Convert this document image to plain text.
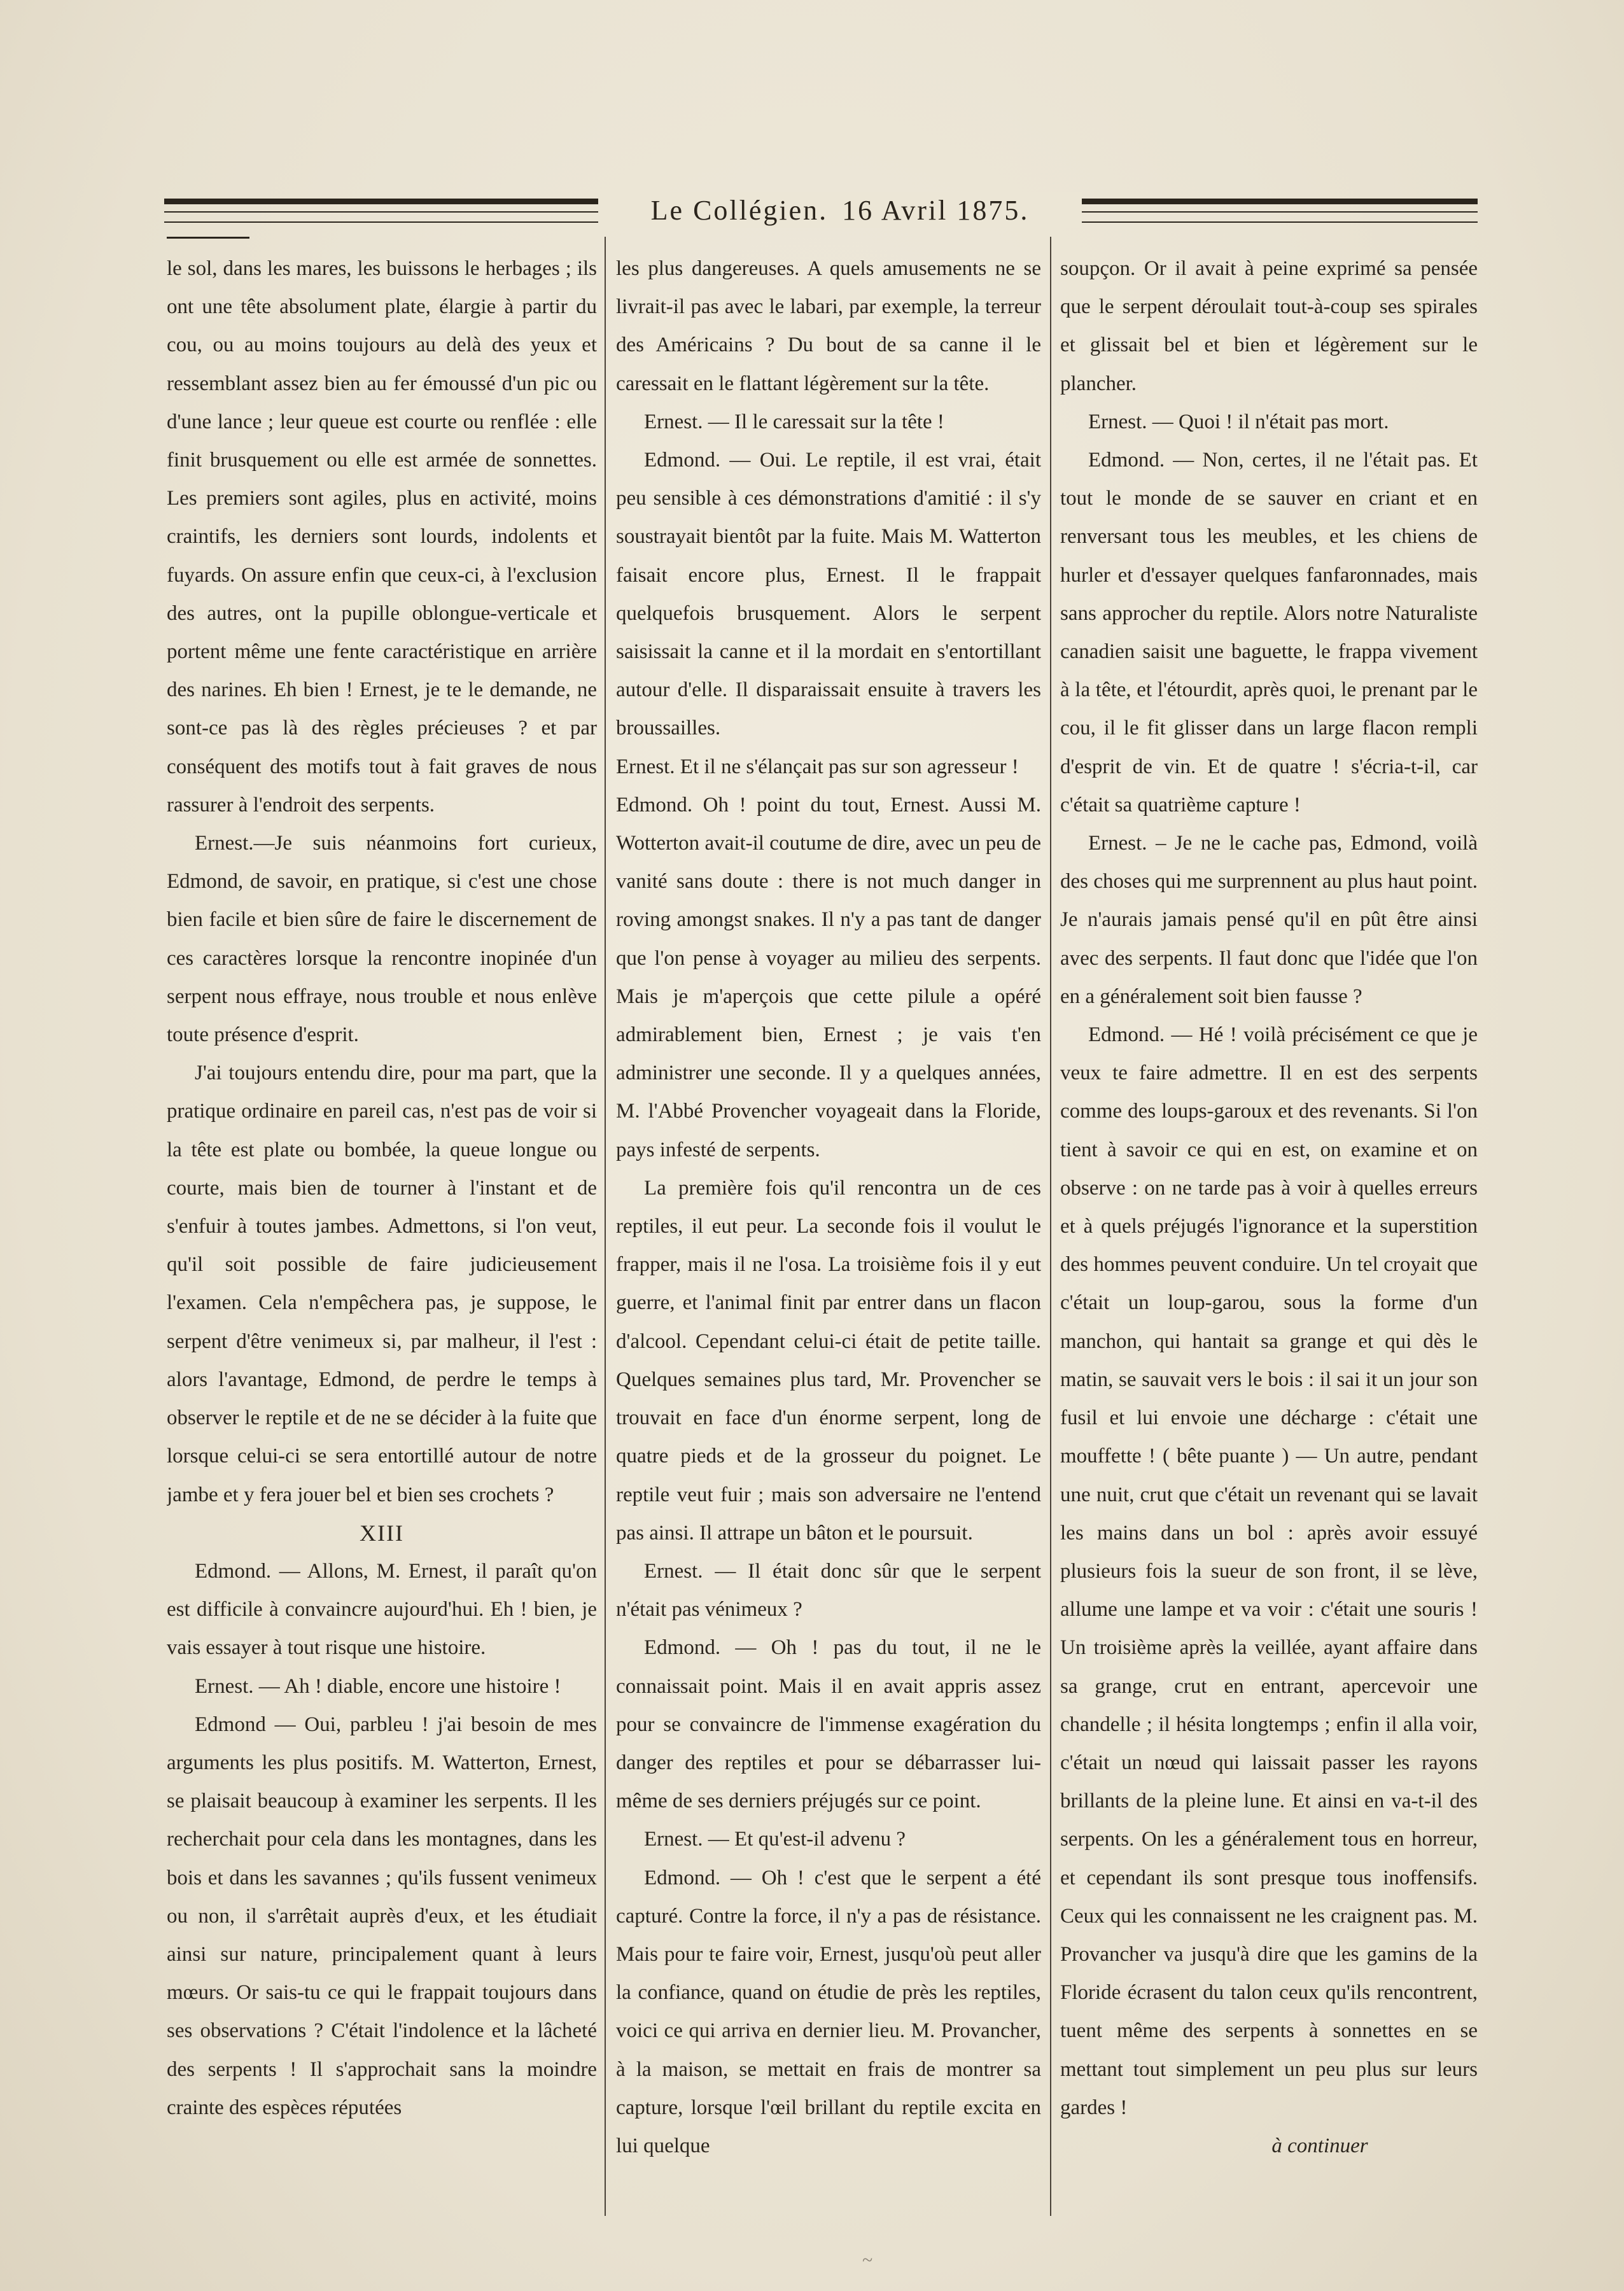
Le Collégien. 16 Avril 1875.

le sol, dans les mares, les buissons le herbages ; ils ont une tête absolument plate, élargie à partir du cou, ou au moins toujours au delà des yeux et ressemblant assez bien au fer émoussé d'un pic ou d'une lance ; leur queue est courte ou renflée : elle finit brusquement ou elle est armée de sonnettes. Les premiers sont agiles, plus en activité, moins craintifs, les derniers sont lourds, indolents et fuyards. On assure enfin que ceux-ci, à l'exclusion des autres, ont la pupille oblongue-verticale et portent même une fente caractéristique en arrière des narines. Eh bien ! Ernest, je te le demande, ne sont-ce pas là des règles précieuses ? et par conséquent des motifs tout à fait graves de nous rassurer à l'endroit des serpents.

Ernest.—Je suis néanmoins fort curieux, Edmond, de savoir, en pratique, si c'est une chose bien facile et bien sûre de faire le discernement de ces caractères lorsque la rencontre inopinée d'un serpent nous effraye, nous trouble et nous enlève toute présence d'esprit.

J'ai toujours entendu dire, pour ma part, que la pratique ordinaire en pareil cas, n'est pas de voir si la tête est plate ou bombée, la queue longue ou courte, mais bien de tourner à l'instant et de s'enfuir à toutes jambes. Admettons, si l'on veut, qu'il soit possible de faire judicieusement l'examen. Cela n'empêchera pas, je suppose, le serpent d'être venimeux si, par malheur, il l'est : alors l'avantage, Edmond, de perdre le temps à observer le reptile et de ne se décider à la fuite que lorsque celui-ci se sera entortillé autour de notre jambe et y fera jouer bel et bien ses crochets ?

XIII

Edmond. — Allons, M. Ernest, il paraît qu'on est difficile à convaincre aujourd'hui. Eh ! bien, je vais essayer à tout risque une histoire.

Ernest. — Ah ! diable, encore une histoire !

Edmond — Oui, parbleu ! j'ai besoin de mes arguments les plus positifs. M. Watterton, Ernest, se plaisait beaucoup à examiner les serpents. Il les recherchait pour cela dans les montagnes, dans les bois et dans les savannes ; qu'ils fussent venimeux ou non, il s'arrêtait auprès d'eux, et les étudiait ainsi sur nature, principalement quant à leurs mœurs. Or sais-tu ce qui le frappait toujours dans ses observations ? C'était l'indolence et la lâcheté des serpents ! Il s'approchait sans la moindre crainte des espèces réputées

les plus dangereuses. A quels amusements ne se livrait-il pas avec le labari, par exemple, la terreur des Américains ? Du bout de sa canne il le caressait en le flattant légèrement sur la tête.

Ernest. — Il le caressait sur la tête !

Edmond. — Oui. Le reptile, il est vrai, était peu sensible à ces démonstrations d'amitié : il s'y soustrayait bientôt par la fuite. Mais M. Watterton faisait encore plus, Ernest. Il le frappait quelquefois brusquement. Alors le serpent saisissait la canne et il la mordait en s'entortillant autour d'elle. Il disparaissait ensuite à travers les broussailles.

Ernest. Et il ne s'élançait pas sur son agresseur !

Edmond. Oh ! point du tout, Ernest. Aussi M. Wotterton avait-il coutume de dire, avec un peu de vanité sans doute : there is not much danger in roving amongst snakes. Il n'y a pas tant de danger que l'on pense à voyager au milieu des serpents. Mais je m'aperçois que cette pilule a opéré admirablement bien, Ernest ; je vais t'en administrer une seconde. Il y a quelques années, M. l'Abbé Provencher voyageait dans la Floride, pays infesté de serpents.

La première fois qu'il rencontra un de ces reptiles, il eut peur. La seconde fois il voulut le frapper, mais il ne l'osa. La troisième fois il y eut guerre, et l'animal finit par entrer dans un flacon d'alcool. Cependant celui-ci était de petite taille. Quelques semaines plus tard, Mr. Provencher se trouvait en face d'un énorme serpent, long de quatre pieds et de la grosseur du poignet. Le reptile veut fuir ; mais son adversaire ne l'entend pas ainsi. Il attrape un bâton et le poursuit.

Ernest. — Il était donc sûr que le serpent n'était pas vénimeux ?

Edmond. — Oh ! pas du tout, il ne le connaissait point. Mais il en avait appris assez pour se convaincre de l'immense exagération du danger des reptiles et pour se débarrasser lui-même de ses derniers préjugés sur ce point.

Ernest. — Et qu'est-il advenu ?

Edmond. — Oh ! c'est que le serpent a été capturé. Contre la force, il n'y a pas de résistance. Mais pour te faire voir, Ernest, jusqu'où peut aller la confiance, quand on étudie de près les reptiles, voici ce qui arriva en dernier lieu. M. Provancher, à la maison, se mettait en frais de montrer sa capture, lorsque l'œil brillant du reptile excita en lui quelque

soupçon. Or il avait à peine exprimé sa pensée que le serpent déroulait tout-à-coup ses spirales et glissait bel et bien et légèrement sur le plancher.

Ernest. — Quoi ! il n'était pas mort.

Edmond. — Non, certes, il ne l'était pas. Et tout le monde de se sauver en criant et en renversant tous les meubles, et les chiens de hurler et d'essayer quelques fanfaronnades, mais sans approcher du reptile. Alors notre Naturaliste canadien saisit une baguette, le frappa vivement à la tête, et l'étourdit, après quoi, le prenant par le cou, il le fit glisser dans un large flacon rempli d'esprit de vin. Et de quatre ! s'écria-t-il, car c'était sa quatrième capture !

Ernest. – Je ne le cache pas, Edmond, voilà des choses qui me surprennent au plus haut point. Je n'aurais jamais pensé qu'il en pût être ainsi avec des serpents. Il faut donc que l'idée que l'on en a généralement soit bien fausse ?

Edmond. — Hé ! voilà précisément ce que je veux te faire admettre. Il en est des serpents comme des loups-garoux et des revenants. Si l'on tient à savoir ce qui en est, on examine et on observe : on ne tarde pas à voir à quelles erreurs et à quels préjugés l'ignorance et la superstition des hommes peuvent conduire. Un tel croyait que c'était un loup-garou, sous la forme d'un manchon, qui hantait sa grange et qui dès le matin, se sauvait vers le bois : il sai it un jour son fusil et lui envoie une décharge : c'était une mouffette ! ( bête puante ) — Un autre, pendant une nuit, crut que c'était un revenant qui se lavait les mains dans un bol : après avoir essuyé plusieurs fois la sueur de son front, il se lève, allume une lampe et va voir : c'était une souris ! Un troisième après la veillée, ayant affaire dans sa grange, crut en entrant, apercevoir une chandelle ; il hésita longtemps ; enfin il alla voir, c'était un nœud qui laissait passer les rayons brillants de la pleine lune. Et ainsi en va-t-il des serpents. On les a généralement tous en horreur, et cependant ils sont presque tous inoffensifs. Ceux qui les connaissent ne les craignent pas. M. Provancher va jusqu'à dire que les gamins de la Floride écrasent du talon ceux qu'ils rencontrent, tuent même des serpents à sonnettes en se mettant tout simplement un peu plus sur leurs gardes !

à continuer

~
